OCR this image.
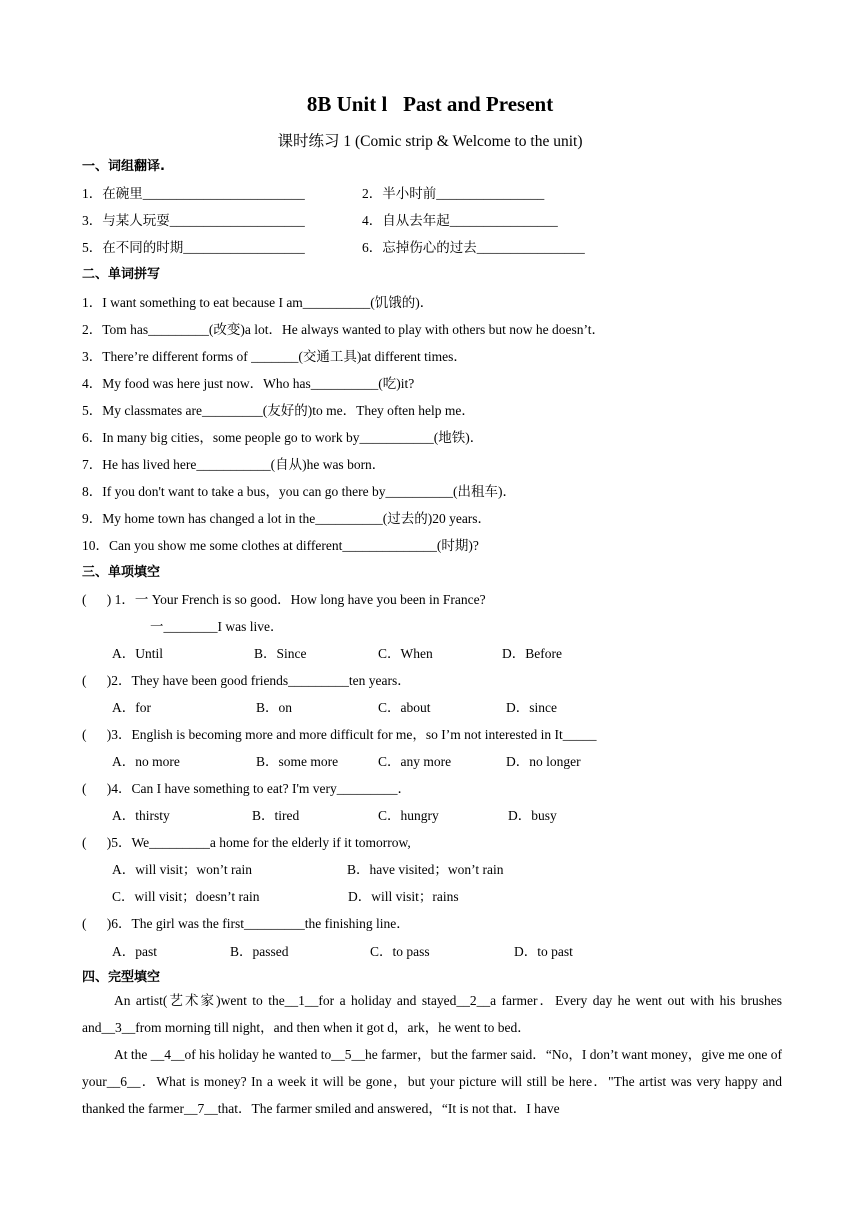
8B Unit l   Past and Present
课时练习 1 (Comic strip & Welcome to the unit)
一、词组翻译.
1．在碗里________________________	2．半小时前________________
3．与某人玩耍____________________	4．自从去年起________________
5．在不同的时期__________________	6．忘掉伤心的过去________________
二、单词拼写
1．I want something to eat because I am__________(饥饿的)．
2．Tom has_________(改变)a lot．He always wanted to play with others but now he doesn’t．
3．There’re different forms of _______(交通工具)at different times．
4．My food was here just now．Who has__________(吃)it?
5．My classmates are_________(友好的)to me．They often help me．
6．In many big cities，some people go to work by___________(地铁)．
7．He has lived here___________(自从)he was born．
8．If you don't want to take a bus，you can go there by__________(出租车)．
9．My home town has changed a lot in the__________(过去的)20 years．
10．Can you show me some clothes at different______________(时期)?
三、单项填空
(      ) 1．一 Your French is so good．How long have you been in France?
一________I was live．
A．Until	B．Since	C．When	D．Before
(      )2．They have been good friends_________ten years．
A．for	B．on	C．about	D．since
(      )3．English is becoming more and more difficult for me，so I’m not interested in It_____
A．no more	B．some more	C．any more	D．no longer
(      )4．Can I have something to eat? I'm very_________．
A．thirsty	B．tired	C．hungry	D．busy
(      )5．We_________a home for the elderly if it tomorrow,
A．will visit；won’t rain	B．have visited；won’t rain
C．will visit；doesn’t rain	D．will visit；rains
(      )6．The girl was the first_________the finishing line．
A．past	B．passed	C．to pass	D．to past
四、完型填空

An artist(艺术家)went to the__1__for a holiday and stayed__2__a farmer．Every day he went out with his brushes and__3__from morning till night，and then when it got d，ark，he went to bed．

At the __4__of his holiday he wanted to__5__he farmer，but the farmer said．“No，I don’t want money，give me one of your__6__．What is money? In a week it will be gone，but your picture will still be here．"The artist was very happy and thanked the farmer__7__that．The farmer smiled and answered，“It is not that．I have
